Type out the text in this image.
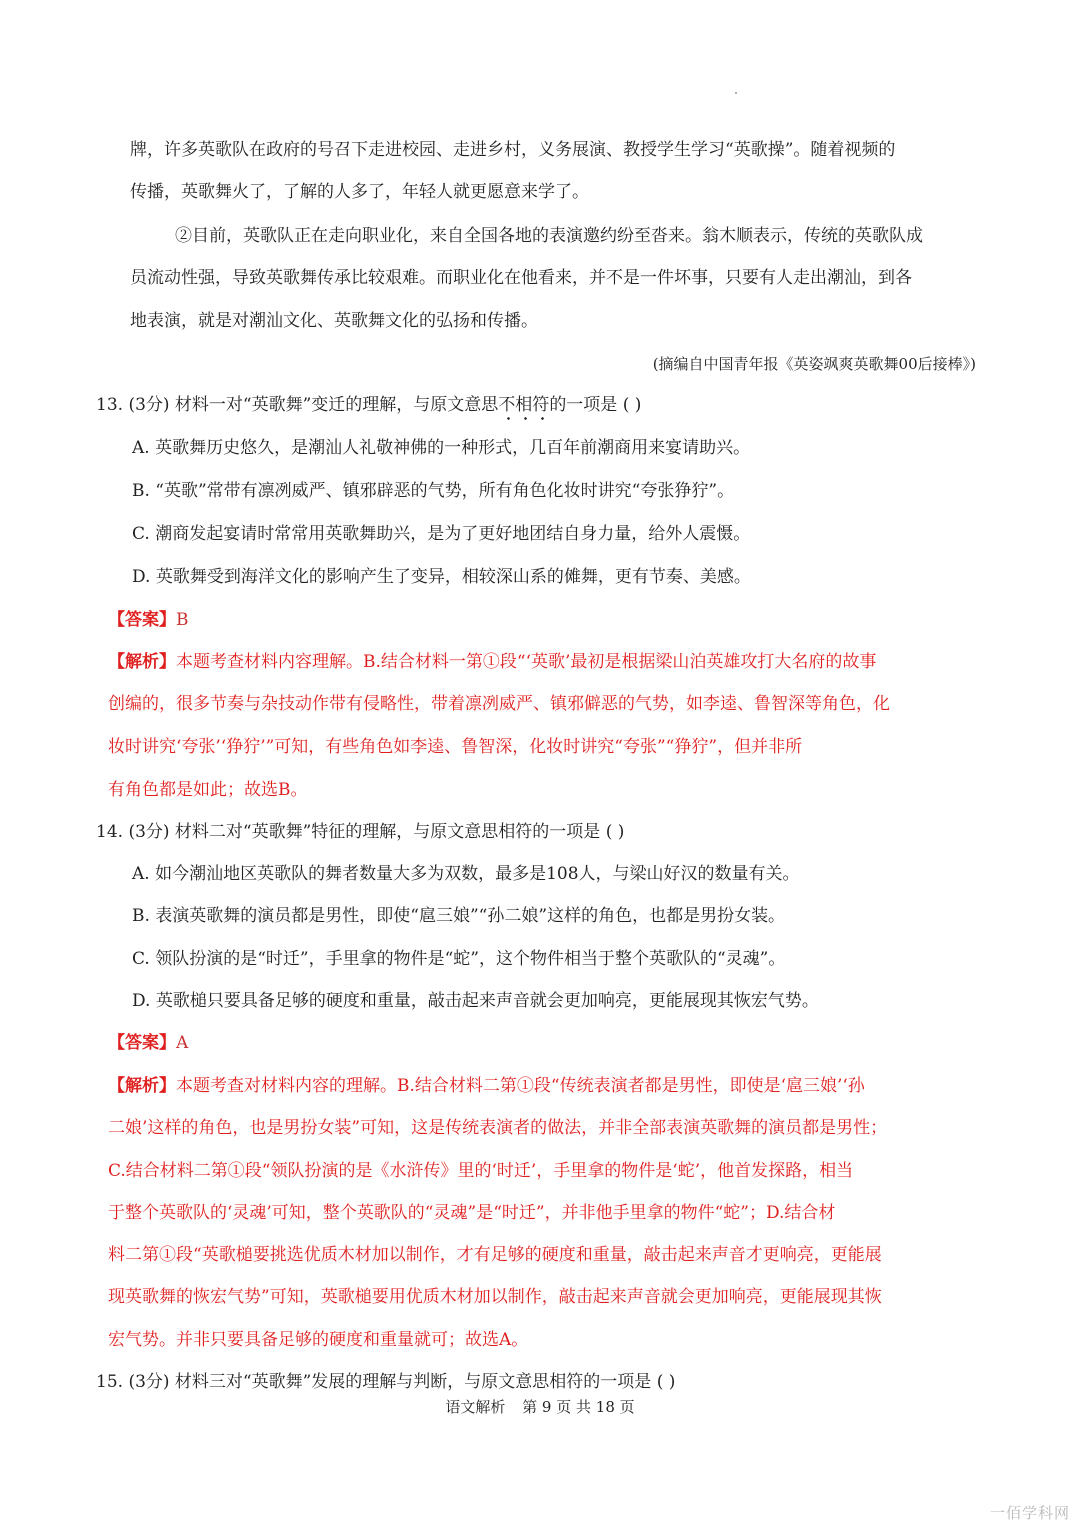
牌，许多英歌队在政府的号召下走进校园、走进乡村，义务展演、教授学生学习“英歌操”。随着视频的
传播，英歌舞火了，了解的人多了，年轻人就更愿意来学了。
②目前，英歌队正在走向职业化，来自全国各地的表演邀约纷至沓来。翁木顺表示，传统的英歌队成
员流动性强，导致英歌舞传承比较艰难。而职业化在他看来，并不是一件坏事，只要有人走出潮汕，到各
地表演，就是对潮汕文化、英歌舞文化的弘扬和传播。
(摘编自中国青年报《英姿飒爽英歌舞00后接棒》)
13. (3分) 材料一对“英歌舞”变迁的理解，与原文意思不相符的一项是 ( )
A. 英歌舞历史悠久，是潮汕人礼敬神佛的一种形式，几百年前潮商用来宴请助兴。
B. “英歌”常带有凛冽威严、镇邪辟恶的气势，所有角色化妆时讲究“夸张狰狞”。
C. 潮商发起宴请时常常用英歌舞助兴，是为了更好地团结自身力量，给外人震慑。
D. 英歌舞受到海洋文化的影响产生了变异，相较深山系的傩舞，更有节奏、美感。
【答案】B
【解析】本题考查材料内容理解。B.结合材料一第①段“‘英歌’最初是根据梁山泊英雄攻打大名府的故事
创编的，很多节奏与杂技动作带有侵略性，带着凛冽威严、镇邪僻恶的气势，如李逵、鲁智深等角色，化
妆时讲究‘夸张’‘狰狞’”可知，有些角色如李逵、鲁智深，化妆时讲究“夸张”“狰狞”，但并非所
有角色都是如此；故选B。
14. (3分) 材料二对“英歌舞”特征的理解，与原文意思相符的一项是 ( )
A. 如今潮汕地区英歌队的舞者数量大多为双数，最多是108人，与梁山好汉的数量有关。
B. 表演英歌舞的演员都是男性，即使“扈三娘”“孙二娘”这样的角色，也都是男扮女装。
C. 领队扮演的是“时迁”，手里拿的物件是“蛇”，这个物件相当于整个英歌队的“灵魂”。
D. 英歌槌只要具备足够的硬度和重量，敲击起来声音就会更加响亮，更能展现其恢宏气势。
【答案】A
【解析】本题考查对材料内容的理解。B.结合材料二第①段“传统表演者都是男性，即使是‘扈三娘’‘孙
二娘’这样的角色，也是男扮女装”可知，这是传统表演者的做法，并非全部表演英歌舞的演员都是男性；
C.结合材料二第①段“领队扮演的是《水浒传》里的‘时迁’，手里拿的物件是‘蛇’，他首发探路，相当
于整个英歌队的‘灵魂’可知，整个英歌队的“灵魂”是“时迁”，并非他手里拿的物件“蛇”；D.结合材
料二第①段“英歌槌要挑选优质木材加以制作，才有足够的硬度和重量，敲击起来声音才更响亮，更能展
现英歌舞的恢宏气势”可知，英歌槌要用优质木材加以制作，敲击起来声音就会更加响亮，更能展现其恢
宏气势。并非只要具备足够的硬度和重量就可；故选A。
15. (3分) 材料三对“英歌舞”发展的理解与判断，与原文意思相符的一项是 ( )
语文解析 第 9 页 共 18 页
一佰学科网
